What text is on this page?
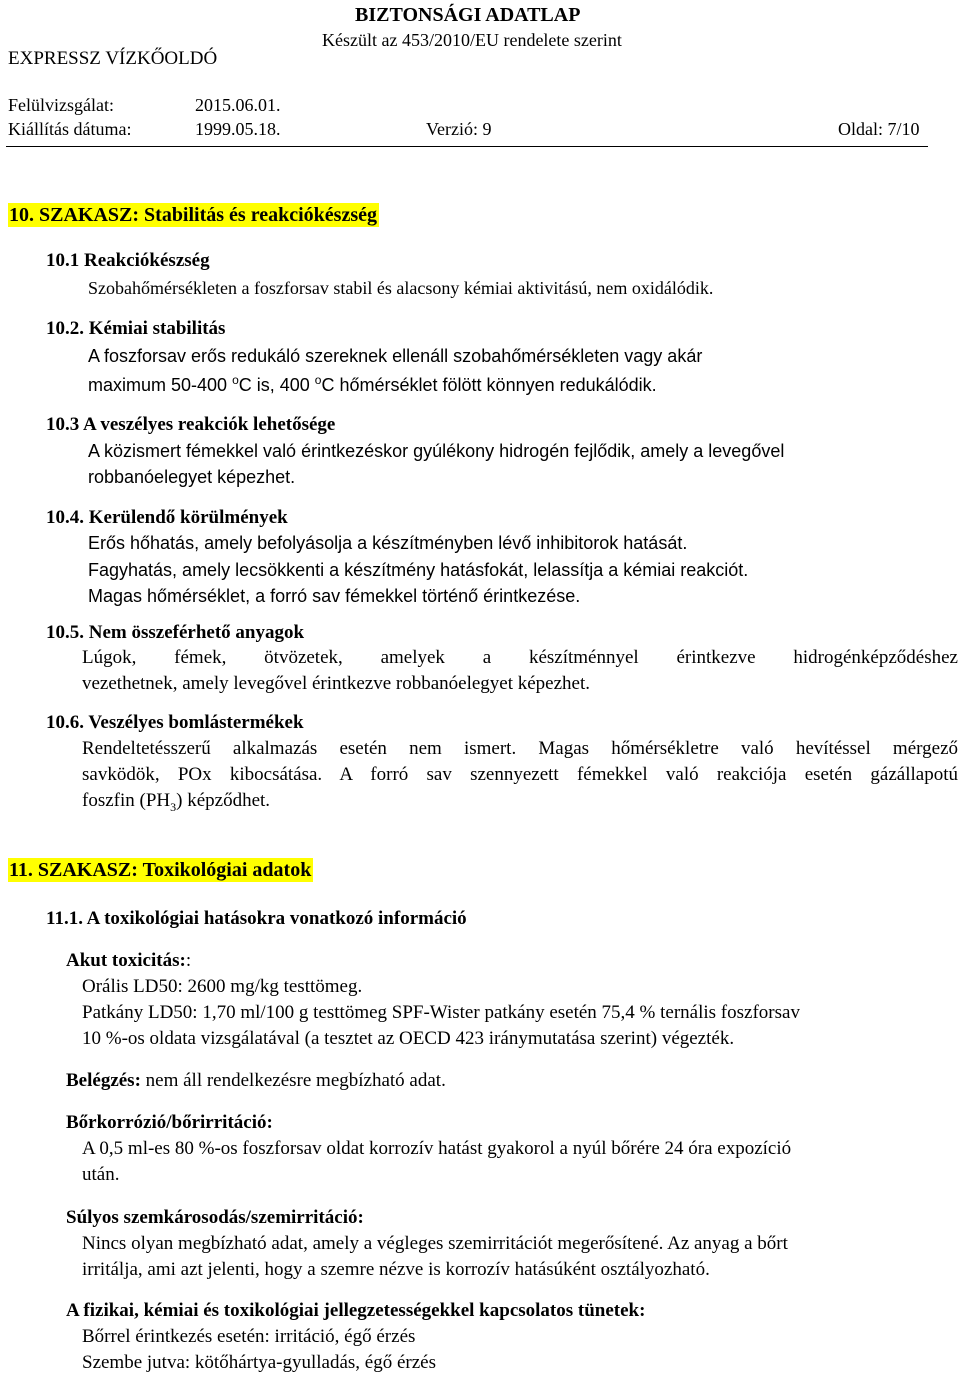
BIZTONSÁGI ADATLAP
Készült az 453/2010/EU rendelete szerint
EXPRESSZ VÍZKŐOLDÓ
Felülvizsgálat:	2015.06.01.
Kiállítás dátuma:	1999.05.18.	Verzió: 9	Oldal: 7/10
10. SZAKASZ: Stabilitás és reakciókészség
10.1 Reakciókészség
Szobahőmérsékleten a foszforsav stabil és alacsony kémiai aktivitású, nem oxidálódik.
10.2. Kémiai stabilitás
A foszforsav erős redukáló szereknek ellenáll szobahőmérsékleten vagy akár
maximum 50-400 $^o$C is, 400 $^o$C hőmérséklet fölött könnyen redukálódik.
10.3 A veszélyes reakciók lehetősége
A közismert fémekkel való érintkezéskor gyúlékony hidrogén fejlődik, amely a levegővel
robbanóelegyet képezhet.
10.4. Kerülendő körülmények
Erős hőhatás, amely befolyásolja a készítményben lévő inhibitorok hatását.
Fagyhatás, amely lecsökkenti a készítmény hatásfokát, lelassítja a kémiai reakciót.
Magas hőmérséklet, a forró sav fémekkel történő érintkezése.
10.5. Nem összeférhető anyagok
Lúgok, fémek, ötvözetek, amelyek a készítménnyel érintkezve hidrogénképződéshez
vezethetnek, amely levegővel érintkezve robbanóelegyet képezhet.
10.6. Veszélyes bomlástermékek
Rendeltetésszerű alkalmazás esetén nem ismert. Magas hőmérsékletre való hevítéssel mérgező
savködök, POx kibocsátása. A forró sav szennyezett fémekkel való reakciója esetén gázállapotú
foszfin $(PH_3)$ képződhet.
11. SZAKASZ: Toxikológiai adatok
11.1. A toxikológiai hatásokra vonatkozó információ
Akut toxicitás::
Orális LD50: 2600 mg/kg testtömeg.
Patkány LD50: 1,70 ml/100 g testtömeg SPF-Wister patkány esetén 75,4 % ternális foszforsav
10 %-os oldata vizsgálatával (a tesztet az OECD 423 iránymutatása szerint) végezték.
Belégzés: nem áll rendelkezésre megbízható adat.
Bőrkorrózió/bőrirritáció:
A 0,5 ml-es 80 %-os foszforsav oldat korrozív hatást gyakorol a nyúl bőrére 24 óra expozíció
után.
Súlyos szemkárosodás/szemirritáció:
Nincs olyan megbízható adat, amely a végleges szemirritációt megerősítené. Az anyag a bőrt
irritálja, ami azt jelenti, hogy a szemre nézve is korrozív hatásúként osztályozható.
A fizikai, kémiai és toxikológiai jellegzetességekkel kapcsolatos tünetek:
Bőrrel érintkezés esetén: irritáció, égő érzés
Szembe jutva: kötőhártya-gyulladás, égő érzés
